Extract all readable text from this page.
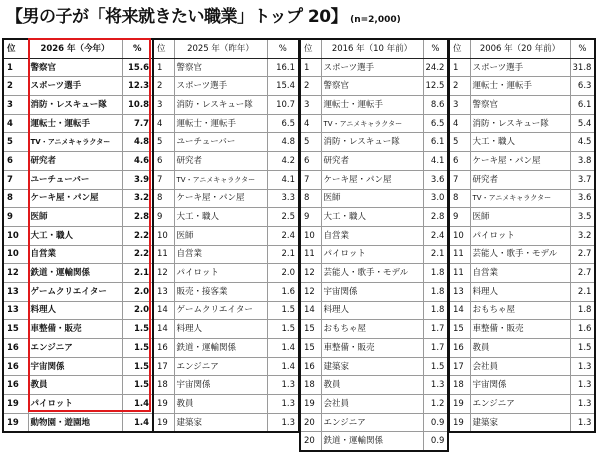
【男の子が「将来就きたい職業」トップ 20】 (n=2,000)
位	2026 年（今年）	%
1	警察官	15.6
2	スポーツ選手	12.3
3	消防・レスキュー隊	10.8
4	運転士・運転手	7.7
5	TV・アニメキャラクター	4.8
6	研究者	4.6
7	ユーチューバー	3.9
8	ケーキ屋・パン屋	3.2
9	医師	2.8
10	大工・職人	2.2
10	自営業	2.2
12	鉄道・運輸関係	2.1
13	ゲームクリエイター	2.0
13	料理人	2.0
15	車整備・販売	1.5
16	エンジニア	1.5
16	宇宙関係	1.5
16	教員	1.5
19	パイロット	1.4
19	動物園・遊園地	1.4
位	2025 年（昨年）	%
1	警察官	16.1
2	スポーツ選手	15.4
3	消防・レスキュー隊	10.7
4	運転士・運転手	6.5
5	ユーチューバー	4.8
6	研究者	4.2
7	TV・アニメキャラクター	4.1
8	ケーキ屋・パン屋	3.3
9	大工・職人	2.5
10	医師	2.4
11	自営業	2.1
12	パイロット	2.0
13	販売・接客業	1.6
14	ゲームクリエイター	1.5
14	料理人	1.5
16	鉄道・運輸関係	1.4
17	エンジニア	1.4
18	宇宙関係	1.3
19	教員	1.3
19	建築家	1.3
位	2016 年（10 年前）	%
1	スポーツ選手	24.2
2	警察官	12.5
3	運転士・運転手	8.6
4	TV・アニメキャラクター	6.5
5	消防・レスキュー隊	6.1
6	研究者	4.1
7	ケーキ屋・パン屋	3.6
8	医師	3.0
9	大工・職人	2.8
10	自営業	2.4
11	パイロット	2.1
12	芸能人・歌手・モデル	1.8
12	宇宙関係	1.8
14	料理人	1.8
15	おもちゃ屋	1.7
15	車整備・販売	1.7
16	建築家	1.5
18	教員	1.3
19	会社員	1.2
20	エンジニア	0.9
20	鉄道・運輸関係	0.9
位	2006 年（20 年前）	%
1	スポーツ選手	31.8
2	運転士・運転手	6.3
3	警察官	6.1
4	消防・レスキュー隊	5.4
5	大工・職人	4.5
6	ケーキ屋・パン屋	3.8
7	研究者	3.7
8	TV・アニメキャラクター	3.6
9	医師	3.5
10	パイロット	3.2
11	芸能人・歌手・モデル	2.7
11	自営業	2.7
13	料理人	2.1
14	おもちゃ屋	1.8
15	車整備・販売	1.6
16	教員	1.5
17	会社員	1.3
18	宇宙関係	1.3
19	エンジニア	1.3
19	建築家	1.3
